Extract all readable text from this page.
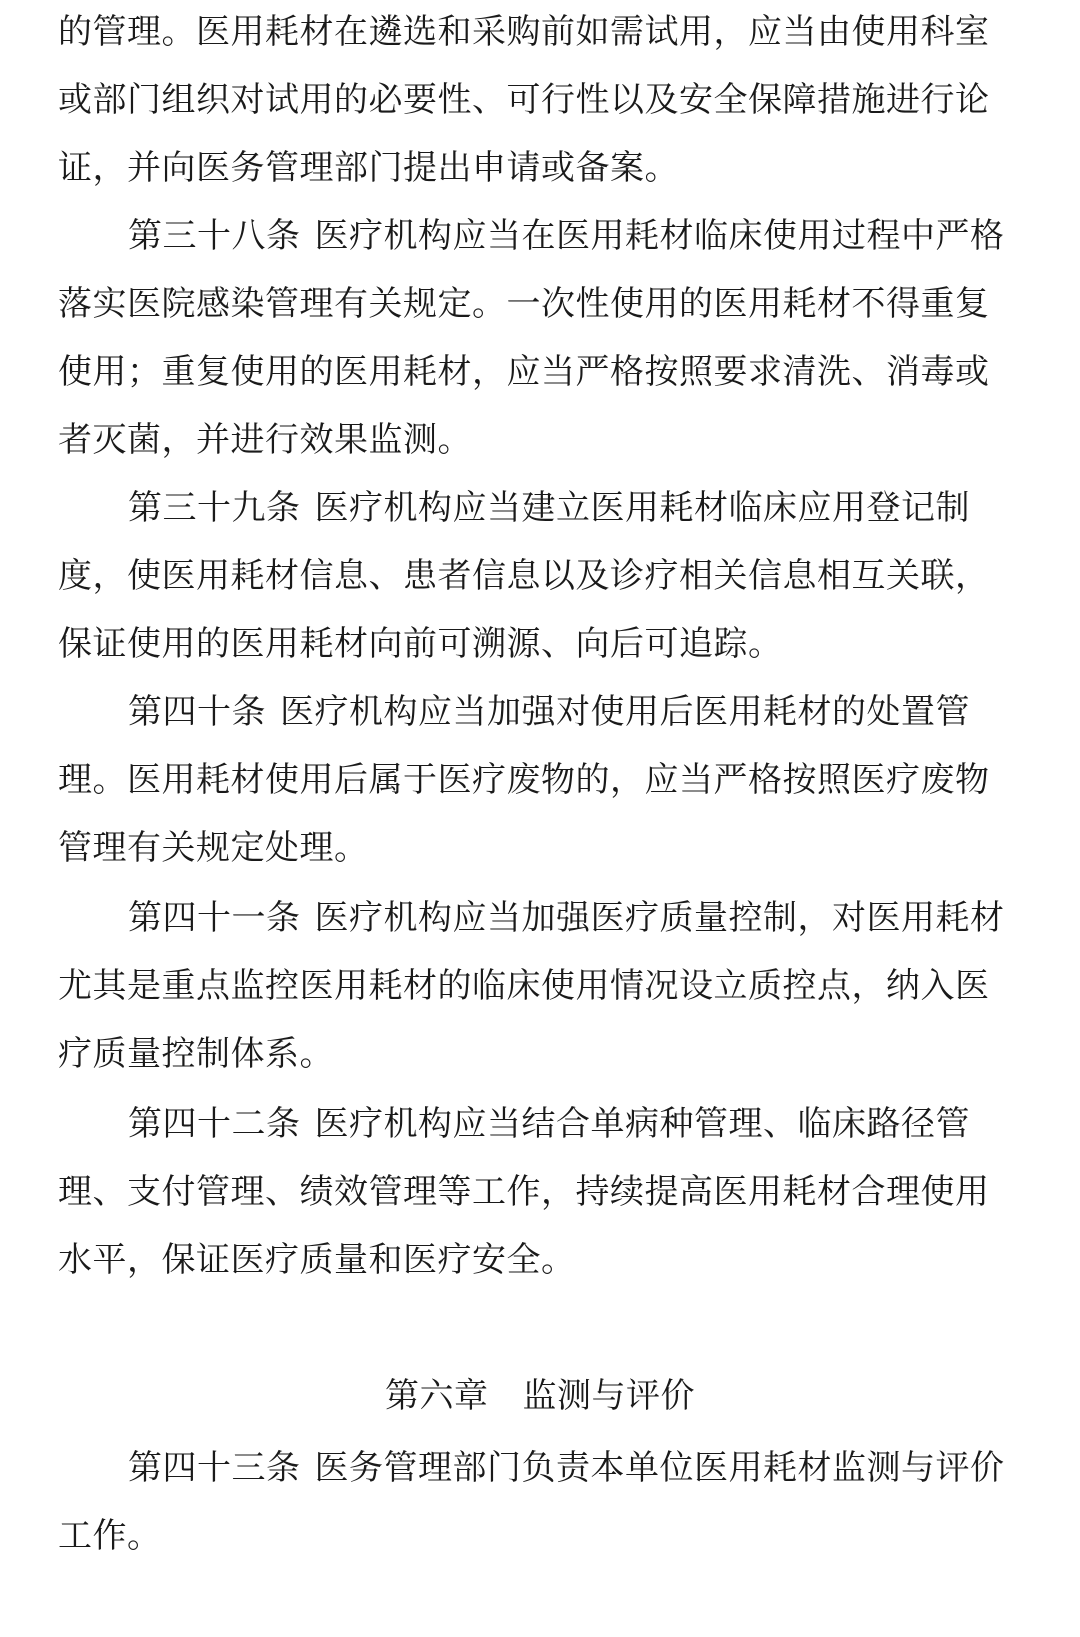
的管理。医用耗材在遴选和采购前如需试用，应当由使用科室
或部门组织对试用的必要性、可行性以及安全保障措施进行论
证，并向医务管理部门提出申请或备案。
第三十八条 医疗机构应当在医用耗材临床使用过程中严格
落实医院感染管理有关规定。一次性使用的医用耗材不得重复
使用；重复使用的医用耗材，应当严格按照要求清洗、消毒或
者灭菌，并进行效果监测。
第三十九条 医疗机构应当建立医用耗材临床应用登记制
度，使医用耗材信息、患者信息以及诊疗相关信息相互关联，
保证使用的医用耗材向前可溯源、向后可追踪。
第四十条 医疗机构应当加强对使用后医用耗材的处置管
理。医用耗材使用后属于医疗废物的，应当严格按照医疗废物
管理有关规定处理。
第四十一条 医疗机构应当加强医疗质量控制，对医用耗材
尤其是重点监控医用耗材的临床使用情况设立质控点，纳入医
疗质量控制体系。
第四十二条 医疗机构应当结合单病种管理、临床路径管
理、支付管理、绩效管理等工作，持续提高医用耗材合理使用
水平，保证医疗质量和医疗安全。
第六章 监测与评价
第四十三条 医务管理部门负责本单位医用耗材监测与评价
工作。
